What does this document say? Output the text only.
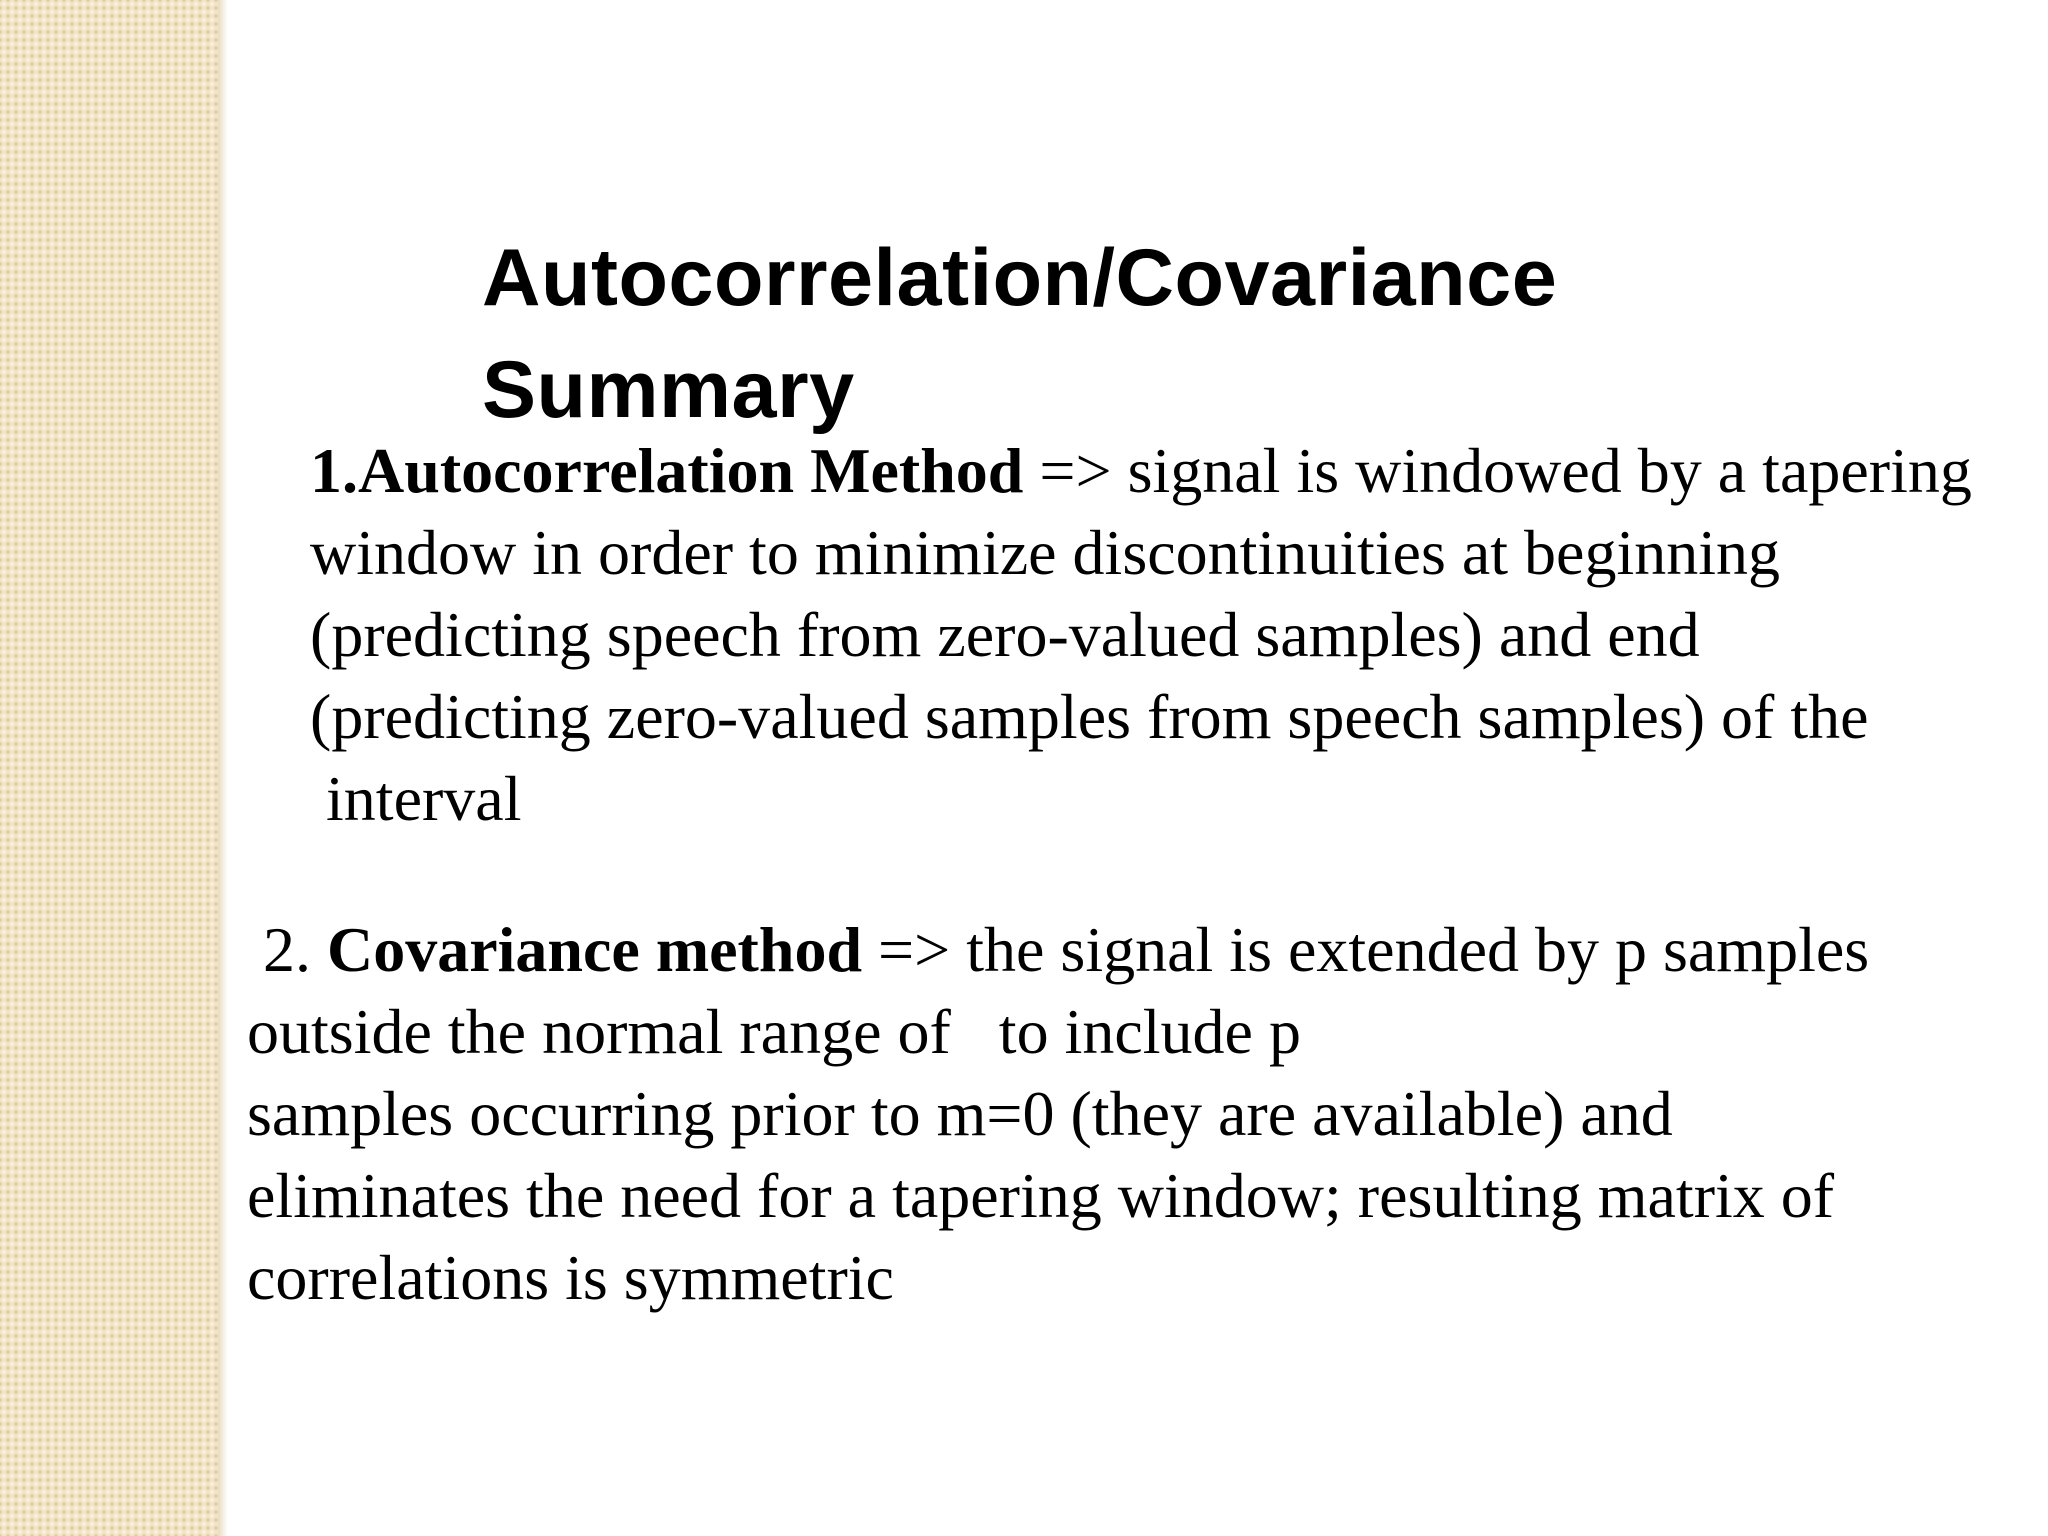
Autocorrelation/Covariance
Summary
1.Autocorrelation Method => signal is windowed by a tapering
window in order to minimize discontinuities at beginning
(predicting speech from zero-valued samples) and end
(predicting zero-valued samples from speech samples) of the
interval
2. Covariance method => the signal is extended by p samples
outside the normal range of   to include p
samples occurring prior to m=0 (they are available) and
eliminates the need for a tapering window; resulting matrix of
correlations is symmetric
